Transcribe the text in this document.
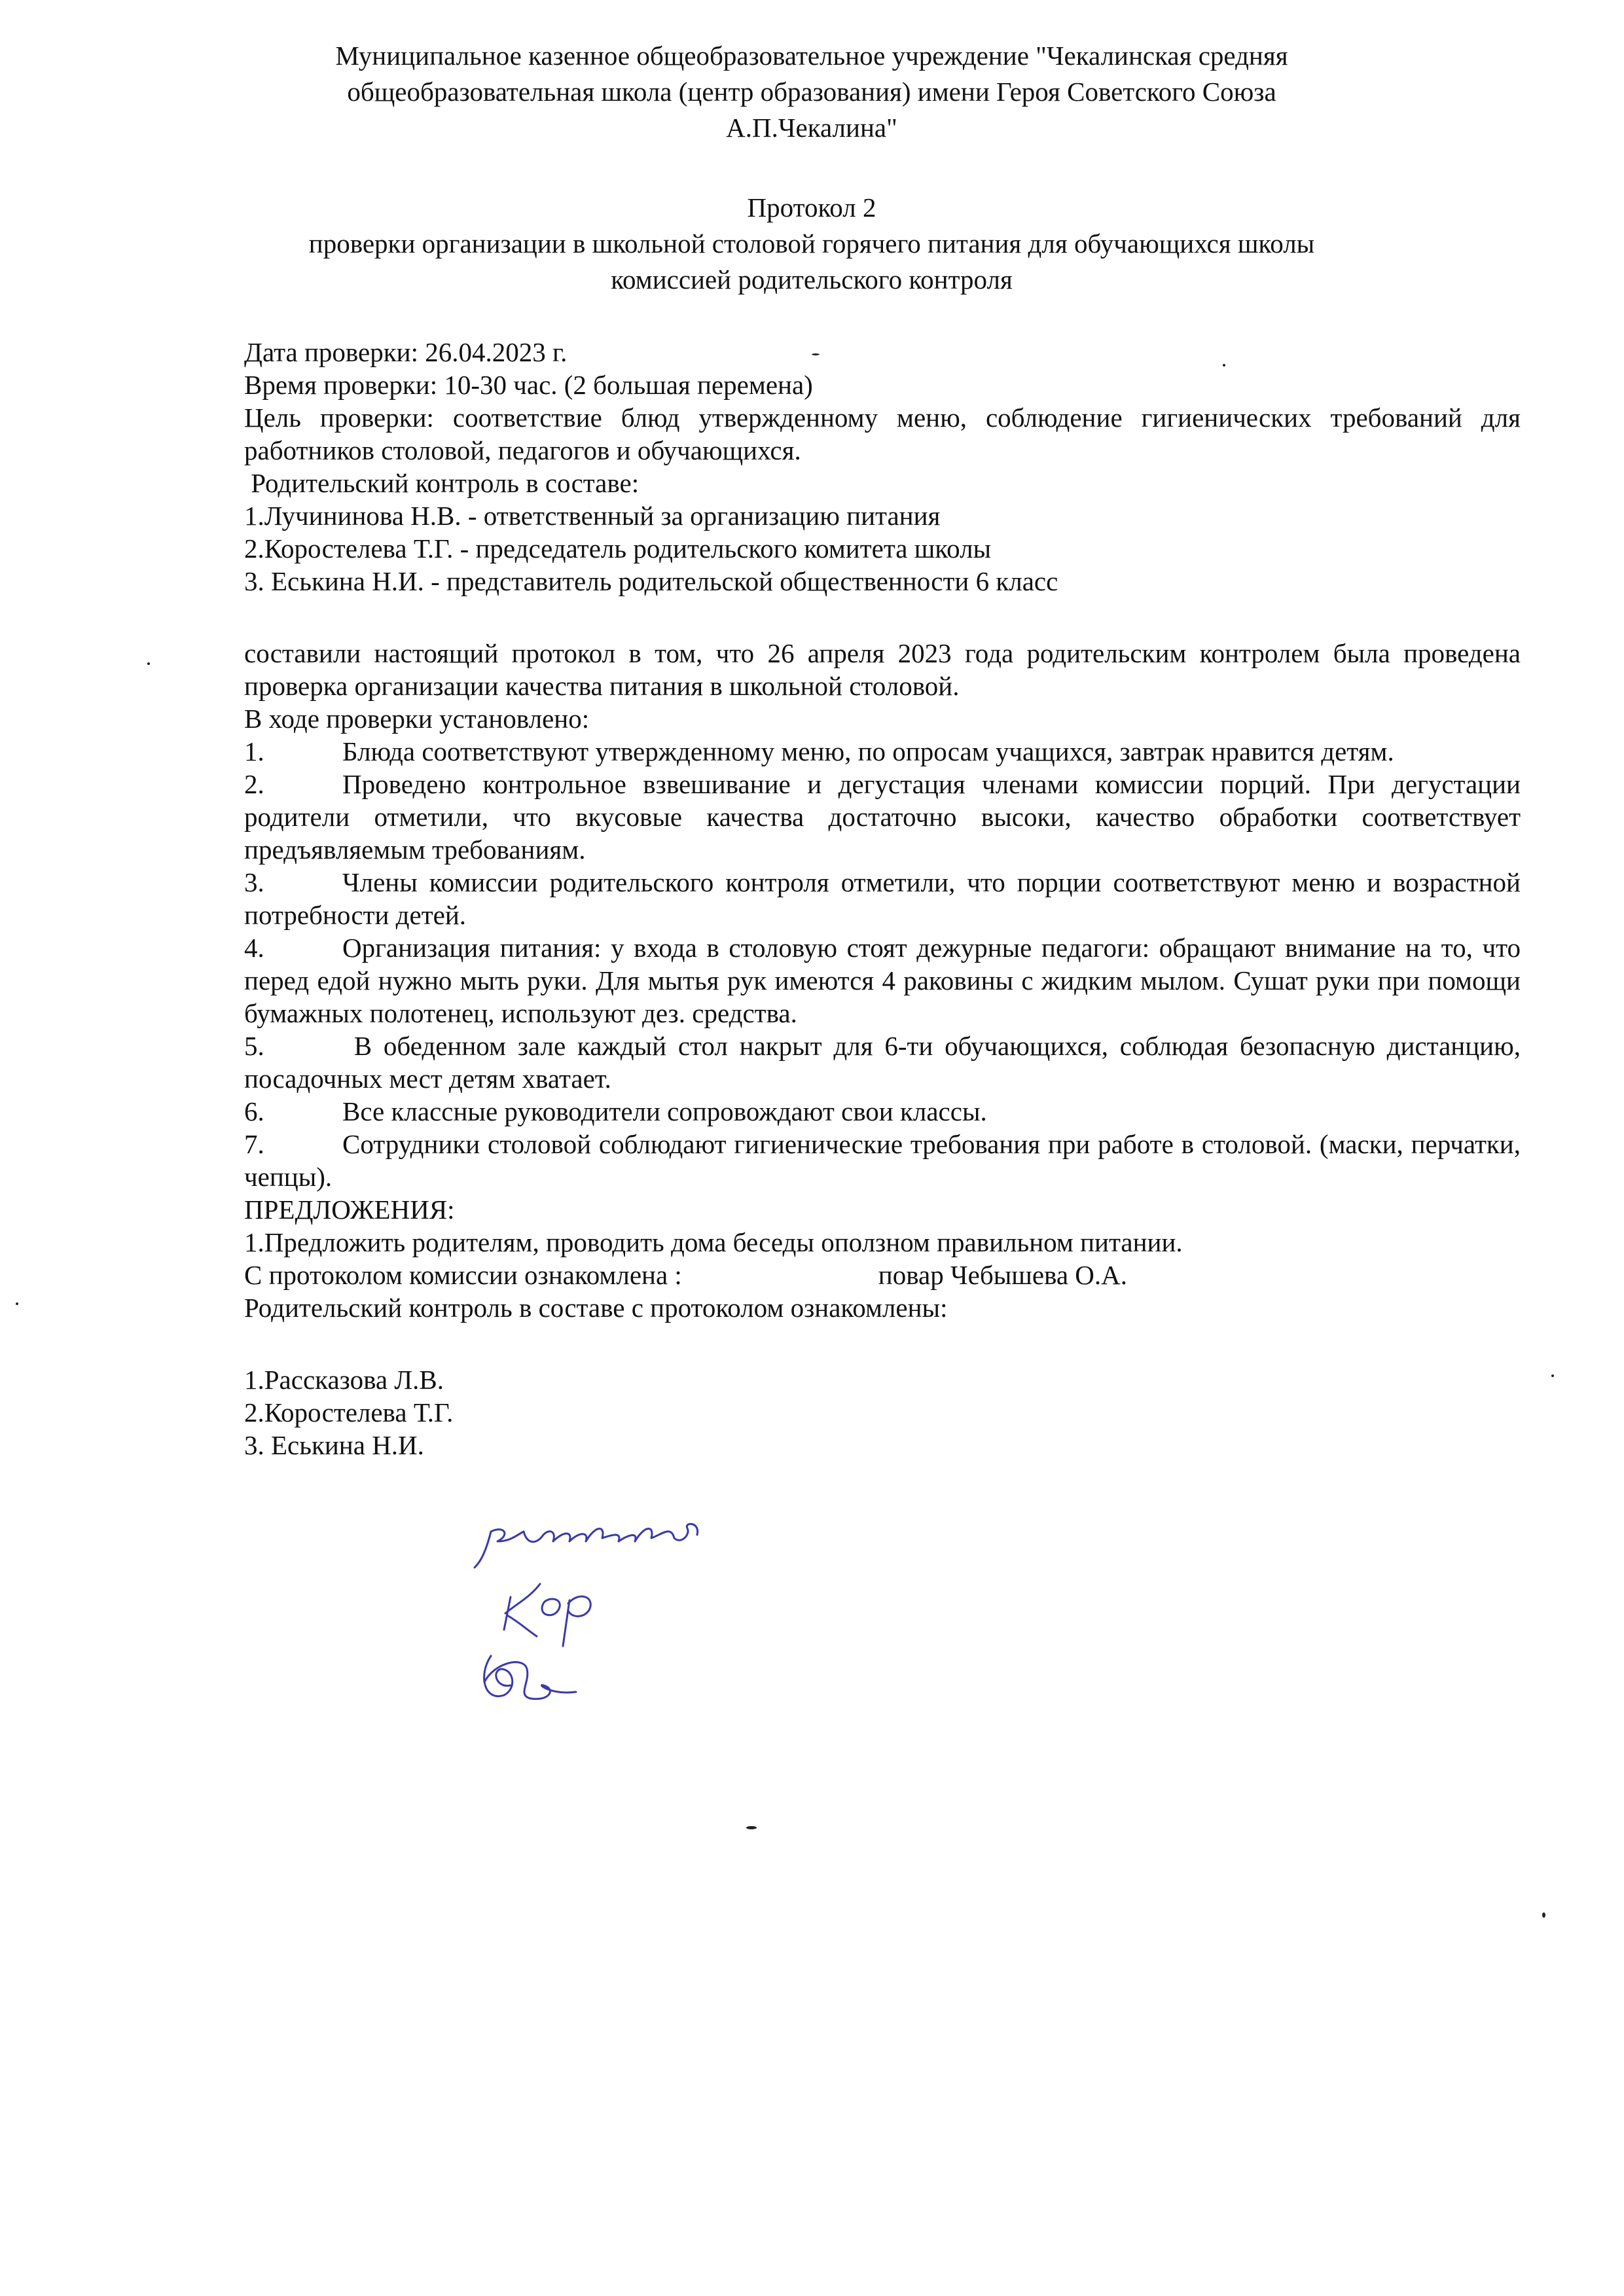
Муниципальное казенное общеобразовательное учреждение "Чекалинская средняя
общеобразовательная школа (центр образования) имени Героя Советского Союза
А.П.Чекалина"
Протокол 2
проверки организации в школьной столовой горячего питания для обучающихся школы
комиссией родительского контроля
Дата проверки: 26.04.2023 г.
Время проверки: 10-30 час. (2 большая перемена)
Цель проверки: соответствие блюд утвержденному меню, соблюдение гигиенических требований для работников столовой, педагогов и обучающихся.
Родительский контроль в составе:
1.Лучининова Н.В. - ответственный за организацию питания
2.Коростелева Т.Г. - председатель родительского комитета школы
3. Еськина Н.И. - представитель родительской общественности 6 класс
составили настоящий протокол в том, что 26 апреля 2023 года родительским контролем была проведена проверка организации качества питания в школьной столовой.
В ходе проверки установлено:
1.	Блюда соответствуют утвержденному меню, по опросам учащихся, завтрак нравится детям.
2.	Проведено контрольное взвешивание и дегустация членами комиссии порций. При дегустации родители отметили, что вкусовые качества достаточно высоки, качество обработки соответствует предъявляемым требованиям.
3.	Члены комиссии родительского контроля отметили, что порции соответствуют меню и возрастной потребности детей.
4.	Организация питания: у входа в столовую стоят дежурные педагоги: обращают внимание на то, что перед едой нужно мыть руки. Для мытья рук имеются 4 раковины с жидким мылом. Сушат руки при помощи бумажных полотенец, используют дез. средства.
5.	В обеденном зале каждый стол накрыт для 6-ти обучающихся, соблюдая безопасную дистанцию, посадочных мест детям хватает.
6.	Все классные руководители сопровождают свои классы.
7.	Сотрудники столовой соблюдают гигиенические требования при работе в столовой. (маски, перчатки, чепцы).
ПРЕДЛОЖЕНИЯ:
1.Предложить родителям, проводить дома беседы оползном правильном питании.
С протоколом комиссии ознакомлена :	повар Чебышева О.А.
Родительский контроль в составе с протоколом ознакомлены:
1.Рассказова Л.В.
2.Коростелева Т.Г.
3. Еськина Н.И.
